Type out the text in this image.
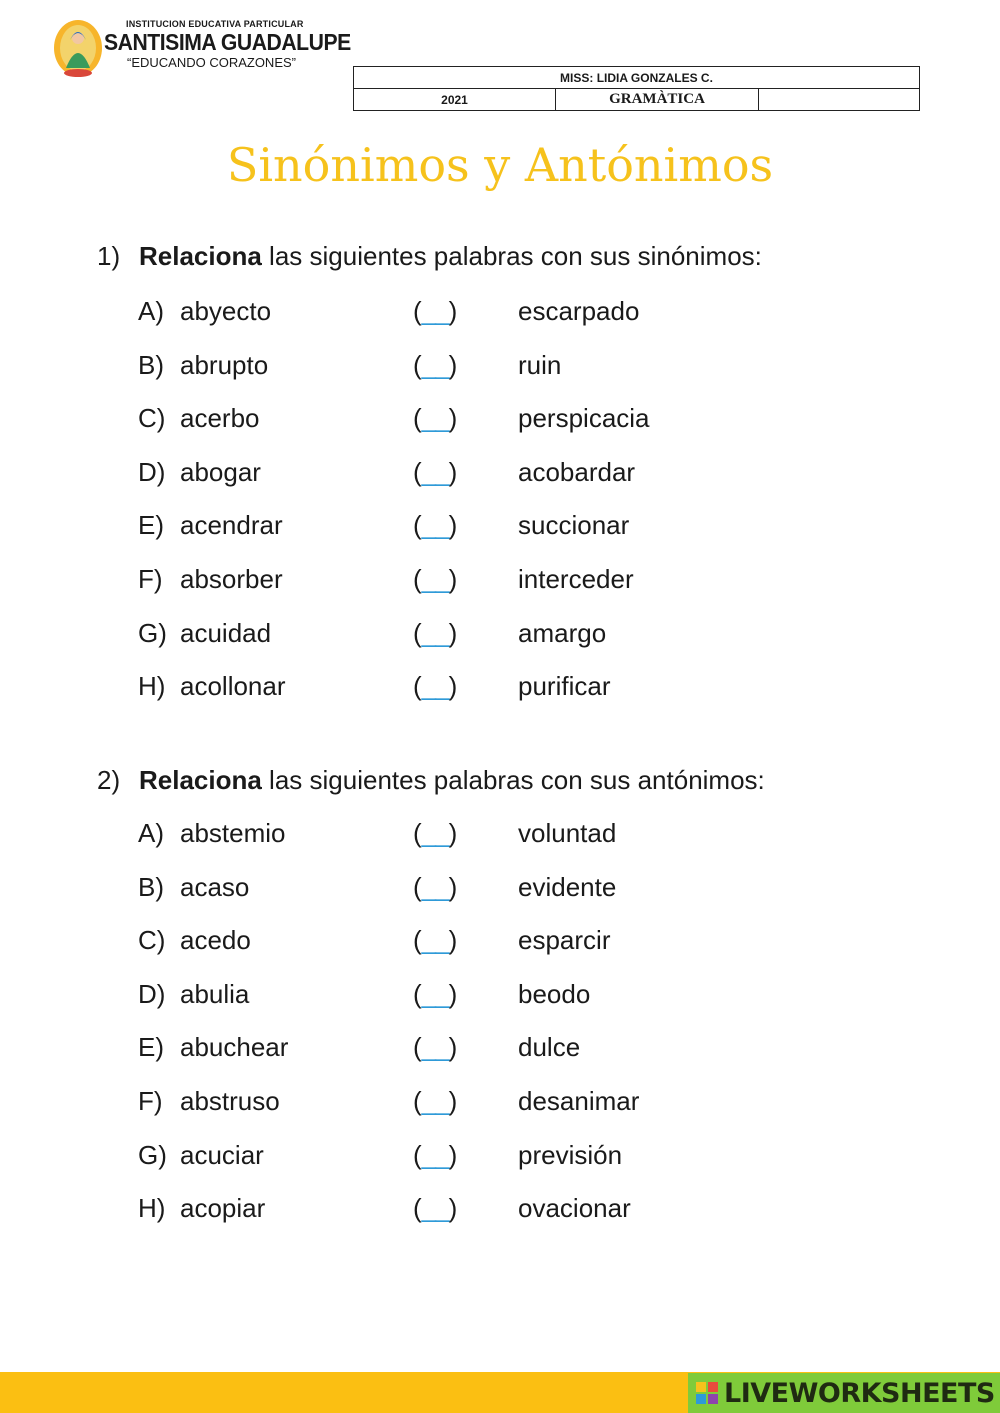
INSTITUCION EDUCATIVA PARTICULAR
SANTISIMA GUADALUPE
“EDUCANDO CORAZONES”
MISS: LIDIA GONZALES C.
2021	GRAMÀTICA	
Sinónimos y Antónimos
1) Relaciona las siguientes palabras con sus sinónimos:
A) abyecto	(__) escarpado
B) abrupto	(__) ruin
C) acerbo	(__) perspicacia
D) abogar	(__) acobardar
E) acendrar	(__) succionar
F) absorber	(__) interceder
G) acuidad	(__) amargo
H) acollonar	(__) purificar
2) Relaciona las siguientes palabras con sus antónimos:
A) abstemio	(__) voluntad
B) acaso	(__) evidente
C) acedo	(__) esparcir
D) abulia	(__) beodo
E) abuchear	(__) dulce
F) abstruso	(__) desanimar
G) acuciar	(__) previsión
H) acopiar	(__) ovacionar
LIVEWORKSHEETS
